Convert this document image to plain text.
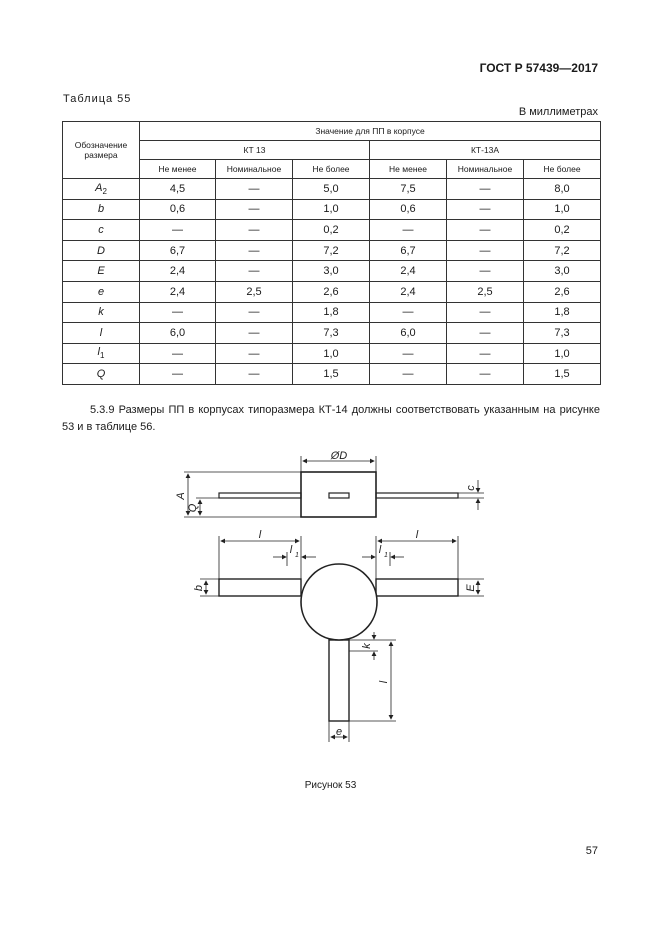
ГОСТ Р 57439—2017
Таблица 55
В миллиметрах
Обозначение размера	Значение для ПП в корпусе					
	КТ 13			КТ-13А		
	Не менее	Номинальное	Не более	Не менее	Номинальное	Не более
$A_2$	4,5	—	5,0	7,5	—	8,0
b	0,6	—	1,0	0,6	—	1,0
c	—	—	0,2	—	—	0,2
D	6,7	—	7,2	6,7	—	7,2
E	2,4	—	3,0	2,4	—	3,0
e	2,4	2,5	2,6	2,4	2,5	2,6
k	—	—	1,8	—	—	1,8
l	6,0	—	7,3	6,0	—	7,3
$l_1$	—	—	1,0	—	—	1,0
Q	—	—	1,5	—	—	1,5
5.3.9 Размеры ПП в корпусах типоразмера КТ-14 должны соответствовать указанным на рисунке 53 и в таблице 56.
ØD
A
Q
c
l	l
l 1	l 1
b	E
k
l
e
Рисунок 53
57
